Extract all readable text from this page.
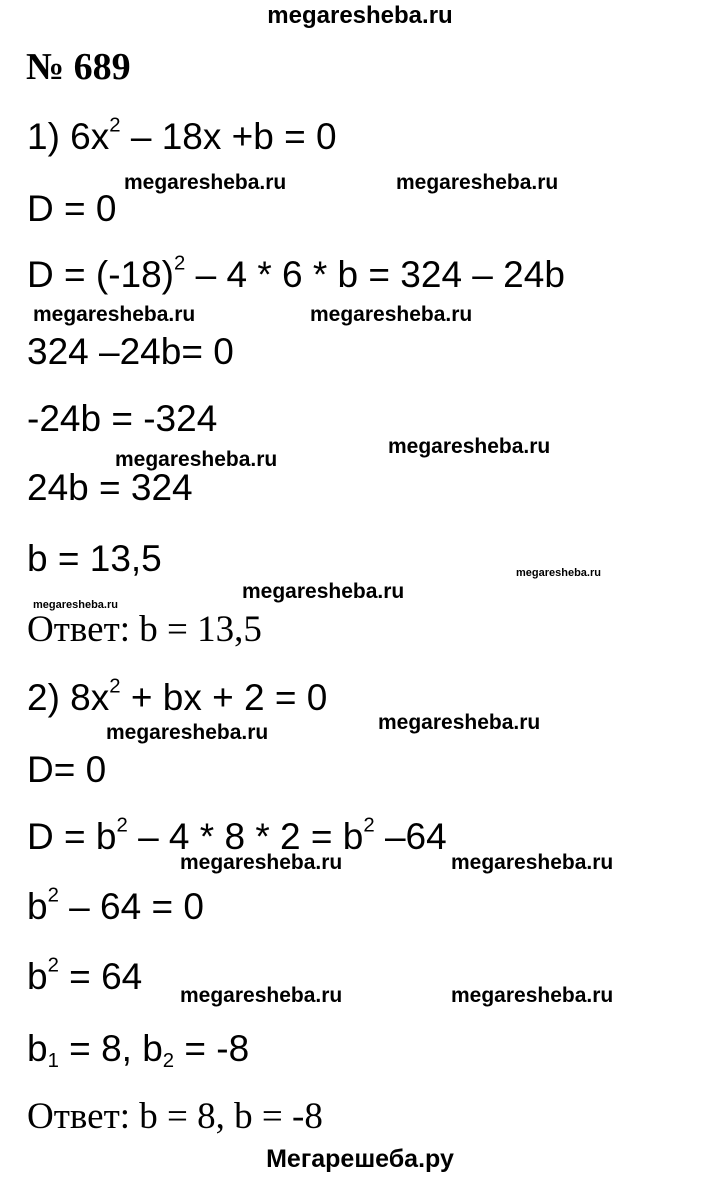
megaresheba.ru
№ 689
1) $6x^2 - 18x +b = 0$
D = 0
$D = (-18)^2 - 4 * 6 * b = 324 - 24b$
324 –24b= 0
-24b = -324
24b = 324
b = 13,5
Ответ: b = 13,5
2) $8x^2$ + bx + 2 = 0
D= 0
$D = b^2 - 4 * 8 * 2 = b^2$ –64
$b^2 - 64 = 0$
$b^2 = 64$
$b_1 = 8$, $b_2 = -8$
Ответ: b = 8, b = -8
megaresheba.ru	megaresheba.ru
megaresheba.ru	megaresheba.ru
megaresheba.ru
megaresheba.ru
megaresheba.ru
megaresheba.ru
megaresheba.ru
megaresheba.ru
megaresheba.ru
megaresheba.ru	megaresheba.ru
megaresheba.ru	megaresheba.ru
Мегарешеба.ру
